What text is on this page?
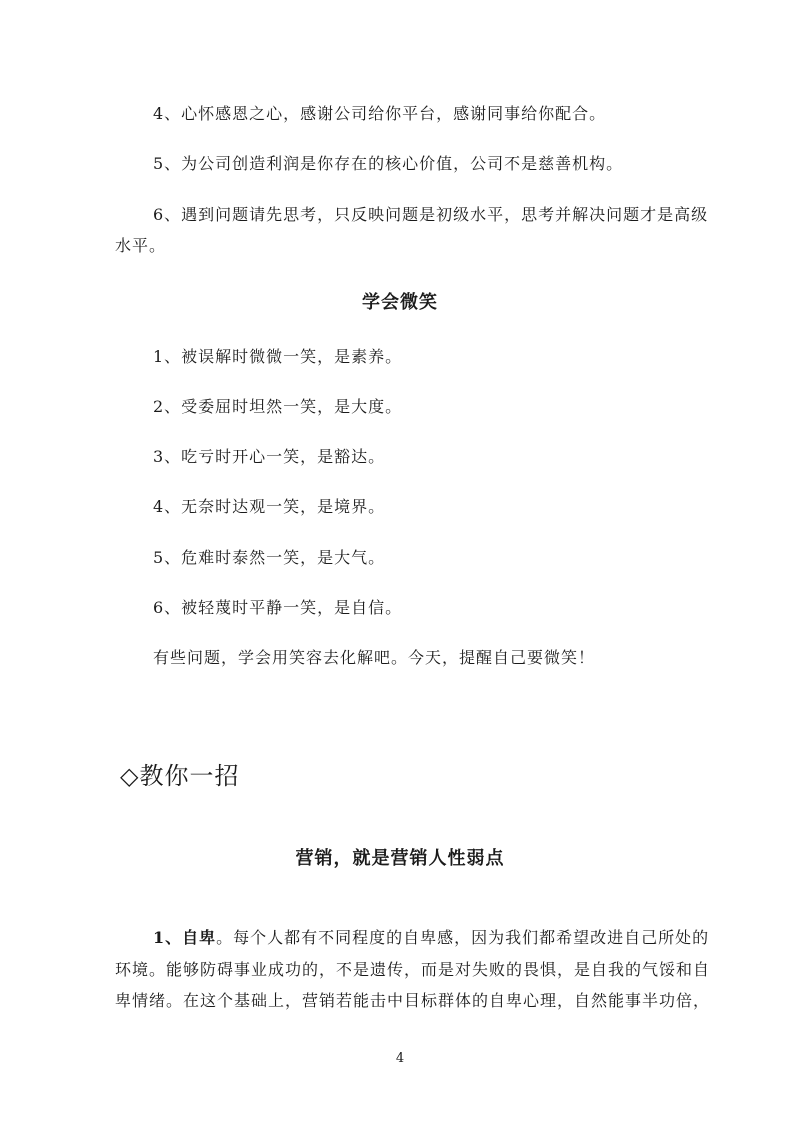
4、心怀感恩之心，感谢公司给你平台，感谢同事给你配合。
5、为公司创造利润是你存在的核心价值，公司不是慈善机构。
6、遇到问题请先思考，只反映问题是初级水平，思考并解决问题才是高级
水平。
学会微笑
1、被误解时微微一笑，是素养。
2、受委屈时坦然一笑，是大度。
3、吃亏时开心一笑，是豁达。
4、无奈时达观一笑，是境界。
5、危难时泰然一笑，是大气。
6、被轻蔑时平静一笑，是自信。
有些问题，学会用笑容去化解吧。今天，提醒自己要微笑！
◇教你一招
营销，就是营销人性弱点
1、自卑。每个人都有不同程度的自卑感，因为我们都希望改进自己所处的
环境。能够防碍事业成功的，不是遗传，而是对失败的畏惧，是自我的气馁和自
卑情绪。在这个基础上，营销若能击中目标群体的自卑心理，自然能事半功倍，
4
